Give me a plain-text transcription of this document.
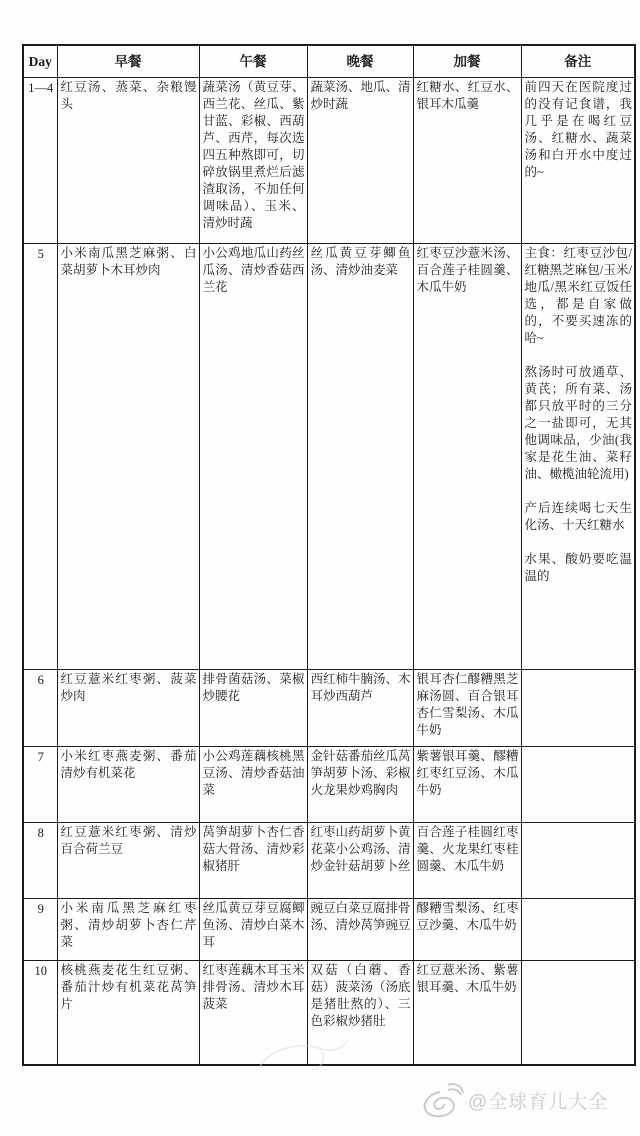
Day	早餐	午餐	晚餐	加餐	备注
1—4	红豆汤、蒸菜、杂粮馒头	蔬菜汤（黄豆芽、西兰花、丝瓜、紫甘蓝、彩椒、西葫芦、西芹，每次选四五种熬即可，切碎放锅里煮烂后滤渣取汤，不加任何调味品）、玉米、清炒时蔬	蔬菜汤、地瓜、清炒时蔬	红糖水、红豆水、银耳木瓜羹	前四天在医院度过的没有记食谱，我几乎是在喝红豆汤、红糖水、蔬菜汤和白开水中度过的~

5	小米南瓜黑芝麻粥、白菜胡萝卜木耳炒肉	小公鸡地瓜山药丝瓜汤、清炒香菇西兰花	丝瓜黄豆芽鲫鱼汤、清炒油麦菜	红枣豆沙薏米汤、百合莲子桂圆羹、木瓜牛奶	主食：红枣豆沙包/红糖黑芝麻包/玉米/地瓜/黑米红豆饭任选，都是自家做的，不要买速冻的哈~

熬汤时可放通草、黄芪；所有菜、汤都只放平时的三分之一盐即可，无其他调味品，少油(我家是花生油、菜籽油、橄榄油轮流用)

产后连续喝七天生化汤、十天红糖水

水果、酸奶要吃温温的

6	红豆薏米红枣粥、菠菜炒肉	排骨菌菇汤、菜椒炒腰花	西红柿牛腩汤、木耳炒西葫芦	银耳杏仁醪糟黑芝麻汤圆、百合银耳杏仁雪梨汤、木瓜牛奶	
7	小米红枣燕麦粥、番茄清炒有机菜花	小公鸡莲藕核桃黑豆汤、清炒香菇油菜	金针菇番茄丝瓜莴笋胡萝卜汤、彩椒火龙果炒鸡胸肉	紫薯银耳羹、醪糟红枣红豆汤、木瓜牛奶	
8	红豆薏米红枣粥、清炒百合荷兰豆	莴笋胡萝卜杏仁香菇大骨汤、清炒彩椒猪肝	红枣山药胡萝卜黄花菜小公鸡汤、清炒金针菇胡萝卜丝	百合莲子桂圆红枣羹、火龙果红枣桂圆羹、木瓜牛奶	
9	小米南瓜黑芝麻红枣粥、清炒胡萝卜杏仁芹菜	丝瓜黄豆芽豆腐鲫鱼汤、清炒白菜木耳	豌豆白菜豆腐排骨汤、清炒莴笋豌豆	醪糟雪梨汤、红枣豆沙羹、木瓜牛奶	
10	核桃燕麦花生红豆粥、番茄汁炒有机菜花莴笋片	红枣莲藕木耳玉米排骨汤、清炒木耳菠菜	双菇（白蘑、香菇）菠菜汤（汤底是猪肚熬的）、三色彩椒炒猪肚	红豆薏米汤、紫薯银耳羹、木瓜牛奶	
@全球育儿大全
